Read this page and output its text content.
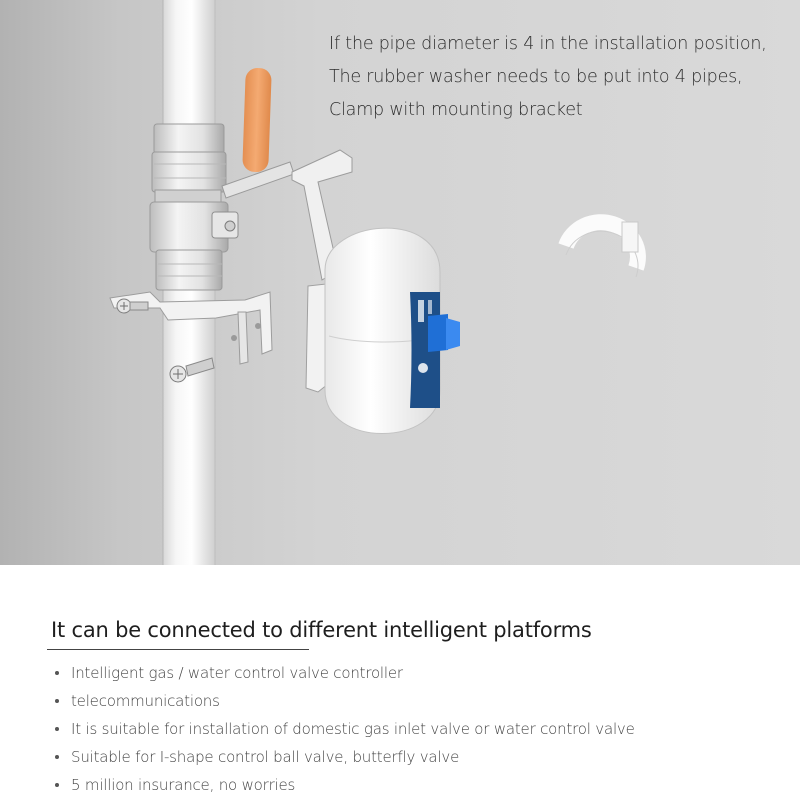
If the pipe diameter is 4 in the installation position,
The rubber washer needs to be put into 4 pipes,
Clamp with mounting bracket
It can be connected to different intelligent platforms
Intelligent gas / water control valve controller
telecommunications
It is suitable for installation of domestic gas inlet valve or water control valve
Suitable for I-shape control ball valve, butterfly valve
5 million insurance, no worries
